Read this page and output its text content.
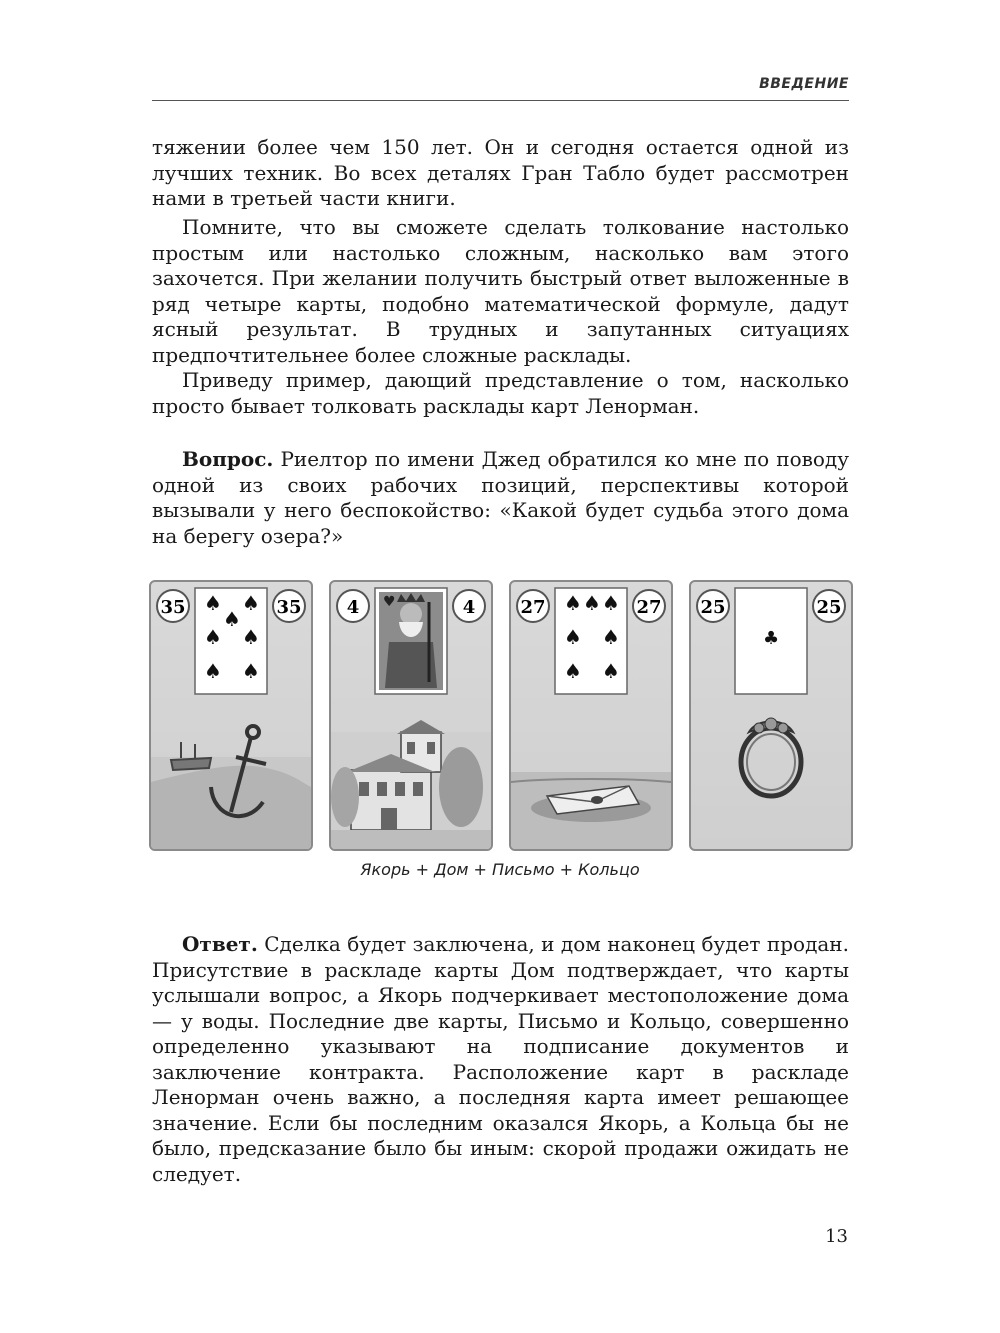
ВВЕДЕНИЕ

тяжении более чем 150 лет. Он и сегодня остается одной из лучших техник. Во всех деталях Гран Табло будет рассмотрен нами в третьей части книги.

Помните, что вы сможете сделать толкование настолько простым или настолько сложным, насколько вам этого захочется. При желании получить быстрый ответ выложенные в ряд четыре карты, подобно математической формуле, дадут ясный результат. В трудных и запутанных ситуациях предпочтительнее более сложные расклады.

Приведу пример, дающий представление о том, насколько просто бывает толковать расклады карт Ленорман.

Вопрос. Риелтор по имени Джед обратился ко мне по поводу одной из своих рабочих позиций, перспективы которой вызывали у него беспокойство: «Какой будет судьба этого дома на берегу озера?»

♠ ♠
♠
♠ ♠
♠ ♠
35	35	♥
4	4	♠ ♠ ♠
♠ ♠
♠ ♠
27	27
♣
25	25
Якорь + Дом + Письмо + Кольцо

Ответ. Сделка будет заключена, и дом наконец будет продан. Присутствие в раскладе карты Дом подтверждает, что карты услышали вопрос, а Якорь подчеркивает местоположение дома — у воды. Последние две карты, Письмо и Кольцо, совершенно определенно указывают на подписание документов и заключение контракта. Расположение карт в раскладе Ленорман очень важно, а последняя карта имеет решающее значение. Если бы последним оказался Якорь, а Кольца бы не было, предсказание было бы иным: скорой продажи ожидать не следует.

13
